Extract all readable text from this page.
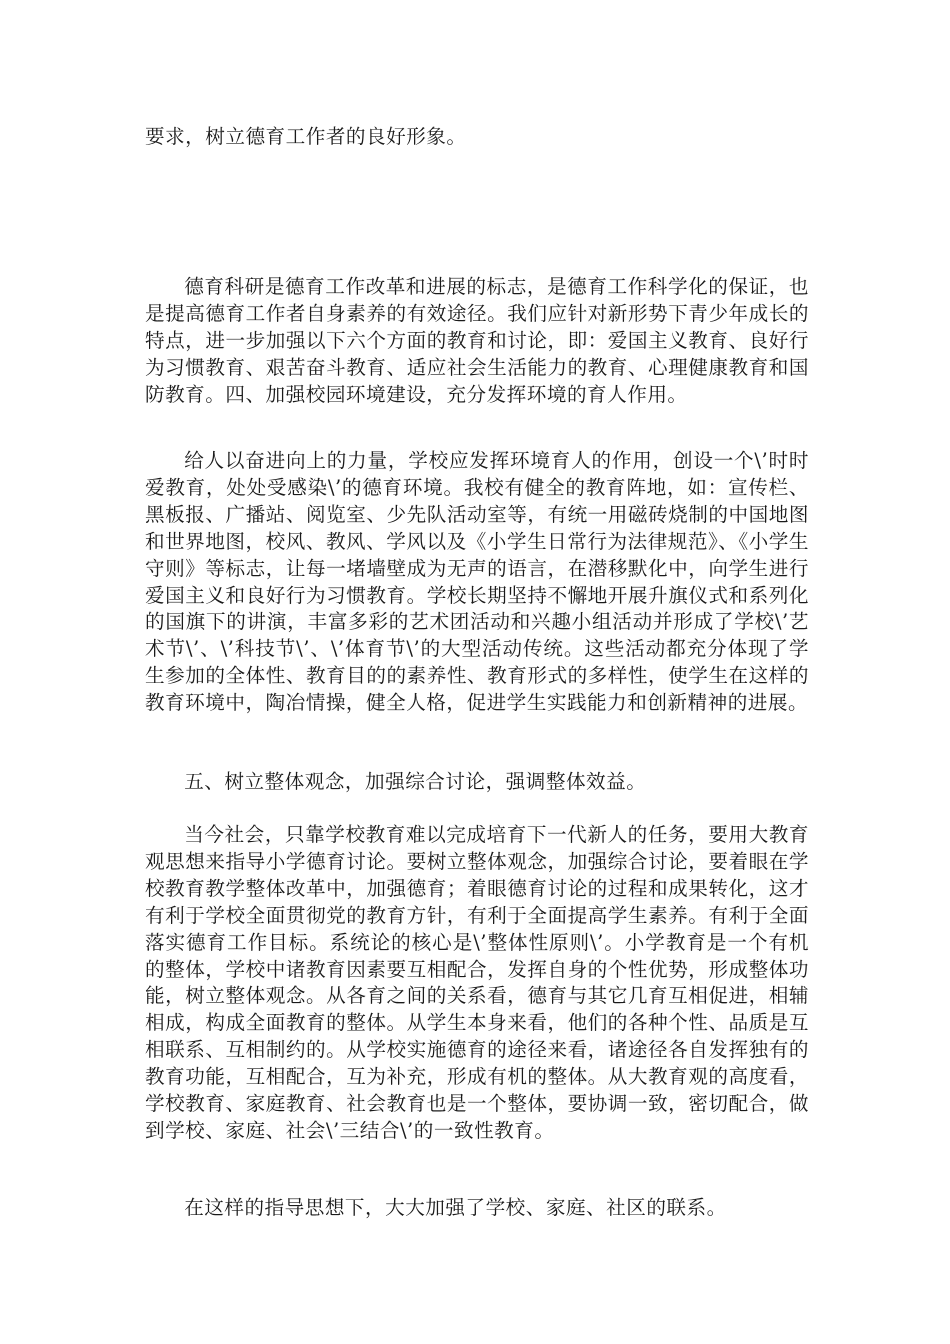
要求，树立德育工作者的良好形象。

德育科研是德育工作改革和进展的标志，是德育工作科学化的保证，也是提高德育工作者自身素养的有效途径。我们应针对新形势下青少年成长的特点，进一步加强以下六个方面的教育和讨论，即：爱国主义教育、良好行为习惯教育、艰苦奋斗教育、适应社会生活能力的教育、心理健康教育和国防教育。四、加强校园环境建设，充分发挥环境的育人作用。

给人以奋进向上的力量，学校应发挥环境育人的作用，创设一个\’时时爱教育，处处受感染\’的德育环境。我校有健全的教育阵地，如：宣传栏、黑板报、广播站、阅览室、少先队活动室等，有统一用磁砖烧制的中国地图和世界地图，校风、教风、学风以及《小学生日常行为法律规范》、《小学生守则》等标志，让每一堵墙壁成为无声的语言，在潜移默化中，向学生进行爱国主义和良好行为习惯教育。学校长期坚持不懈地开展升旗仪式和系列化的国旗下的讲演，丰富多彩的艺术团活动和兴趣小组活动并形成了学校\’艺术节\’、\’科技节\’、\’体育节\’的大型活动传统。这些活动都充分体现了学生参加的全体性、教育目的的素养性、教育形式的多样性，使学生在这样的教育环境中，陶冶情操，健全人格，促进学生实践能力和创新精神的进展。

五、树立整体观念，加强综合讨论，强调整体效益。

当今社会，只靠学校教育难以完成培育下一代新人的任务，要用大教育观思想来指导小学德育讨论。要树立整体观念，加强综合讨论，要着眼在学校教育教学整体改革中，加强德育；着眼德育讨论的过程和成果转化，这才有利于学校全面贯彻党的教育方针，有利于全面提高学生素养。有利于全面落实德育工作目标。系统论的核心是\’整体性原则\’。小学教育是一个有机的整体，学校中诸教育因素要互相配合，发挥自身的个性优势，形成整体功能，树立整体观念。从各育之间的关系看，德育与其它几育互相促进，相辅相成，构成全面教育的整体。从学生本身来看，他们的各种个性、品质是互相联系、互相制约的。从学校实施德育的途径来看，诸途径各自发挥独有的教育功能，互相配合，互为补充，形成有机的整体。从大教育观的高度看，学校教育、家庭教育、社会教育也是一个整体，要协调一致，密切配合，做到学校、家庭、社会\’三结合\’的一致性教育。

在这样的指导思想下，大大加强了学校、家庭、社区的联系。
